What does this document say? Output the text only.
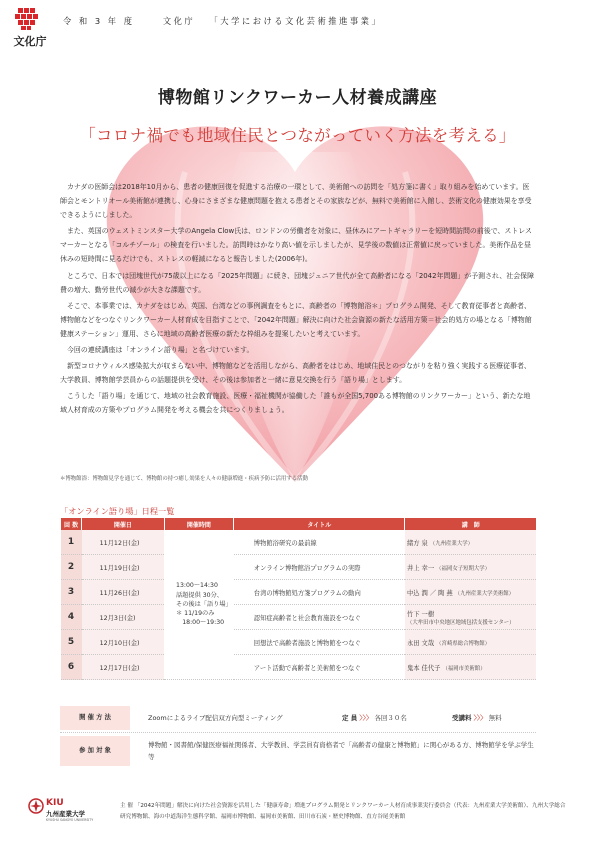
文化庁
令 和 3 年 度	文化庁 「大学における文化芸術推進事業」
博物館リンクワーカー人材養成講座
「コロナ禍でも地域住民とつながっていく方法を考える」

カナダの医師会は2018年10月から、患者の健康回復を促進する治療の一環として、美術館への訪問を「処方箋に書く」取り組みを始めています。医師会とモントリオール美術館が連携し、心身にさまざまな健康問題を抱える患者とその家族などが、無料で美術館に入館し、芸術文化の健康効果を享受できるようにしました。

また、英国のウェストミンスター大学のAngela Clow氏は、ロンドンの労働者を対象に、昼休みにアートギャラリーを短時間訪問の前後で、ストレスマーカーとなる「コルチゾール」の検査を行いました。訪問時はかなり高い値を示しましたが、見学後の数値は正常値に戻っていました。美術作品を昼休みの短時間に見るだけでも、ストレスの軽減になると報告しました(2006年)。

ところで、日本では団塊世代が75歳以上になる「2025年問題」に続き、団塊ジュニア世代が全て高齢者になる「2042年問題」が予測され、社会保障費の増大、勤労世代の減少が大きな課題です。

そこで、本事業では、カナダをはじめ、英国、台湾などの事例調査をもとに、高齢者の「博物館浴＊」プログラム開発、そして教育従事者と高齢者、博物館などをつなぐリンクワーカー人材育成を目指すことで、「2042年問題」解決に向けた社会資源の新たな活用方策＝社会的処方の場となる「博物館健康ステーション」運用、さらに地域の高齢者医療の新たな枠組みを提案したいと考えています。

今回の連続講座は「オンライン語り場」と名づけています。

新型コロナウィルス感染拡大が収まらない中、博物館などを活用しながら、高齢者をはじめ、地域住民とのつながりを粘り強く実践する医療従事者、大学教員、博物館学芸員からの話題提供を受け、その後は参加者と一緒に意見交換を行う「語り場」とします。

こうした「語り場」を通じて、地域の社会教育施設、医療・福祉機関が協働した「誰もが全国5,700ある博物館のリンクワーカー」という、新たな地域人材育成の方策やプログラム開発を考える機会を共につくりましょう。

＊博物館浴：博物館見学を通じて、博物館の持つ癒し効果を人々の健康増進・疾病予防に活用する活動
「オンライン語り場」日程一覧
回 数	開催日	開催時間	タイトル	講　師
1	11月12日(金)	13:00～14:30
話題提供 30分、
その後は「語り場」
＊ 11/19のみ
　18:00～19:30	博物館浴研究の最前線	緒方 泉 （九州産業大学）
2	11月19日(金)		オンライン博物館浴プログラムの実際	井上 幸一 （福岡女子短期大学）
3	11月26日(金)		台湾の博物館処方箋プログラムの動向	中込 潤 ／ 陶 燕 （九州産業大学美術館）
4	12月3日(金)		認知症高齢者と社会教育施設をつなぐ	竹下 一樹
（大牟田市中央地区地域包括支援センター）

5	12月10日(金)		回想法で高齢者施設と博物館をつなぐ	永田 文哉 （宮崎県総合博物館）
6	12月17日(金)		アート活動で高齢者と美術館をつなぐ	鬼本 佳代子 （福岡市美術館）
開 催 方 法	Zoomによるライブ配信双方向型ミーティング	定 員 〉〉〉 各回３０名	受講料 〉〉〉 無料
参 加 対 象
博物館・図書館/保健医療福祉関係者、大学教員、学芸員有資格者で「高齢者の健康と博物館」に関心がある方、博物館学を学ぶ学生等
KIU
九州産業大学
KYUSHU SANGYO UNIVERSITY
主 催 「2042年問題」解決に向けた社会資源を活用した「健康寿命」増進プログラム開発とリンクワーカー人材育成事業実行委員会（代表：九州産業大学美術館）、九州大学総合研究博物館、海の中道海洋生態科学館、福岡市博物館、福岡市美術館、田川市石炭・歴史博物館、直方谷尾美術館
